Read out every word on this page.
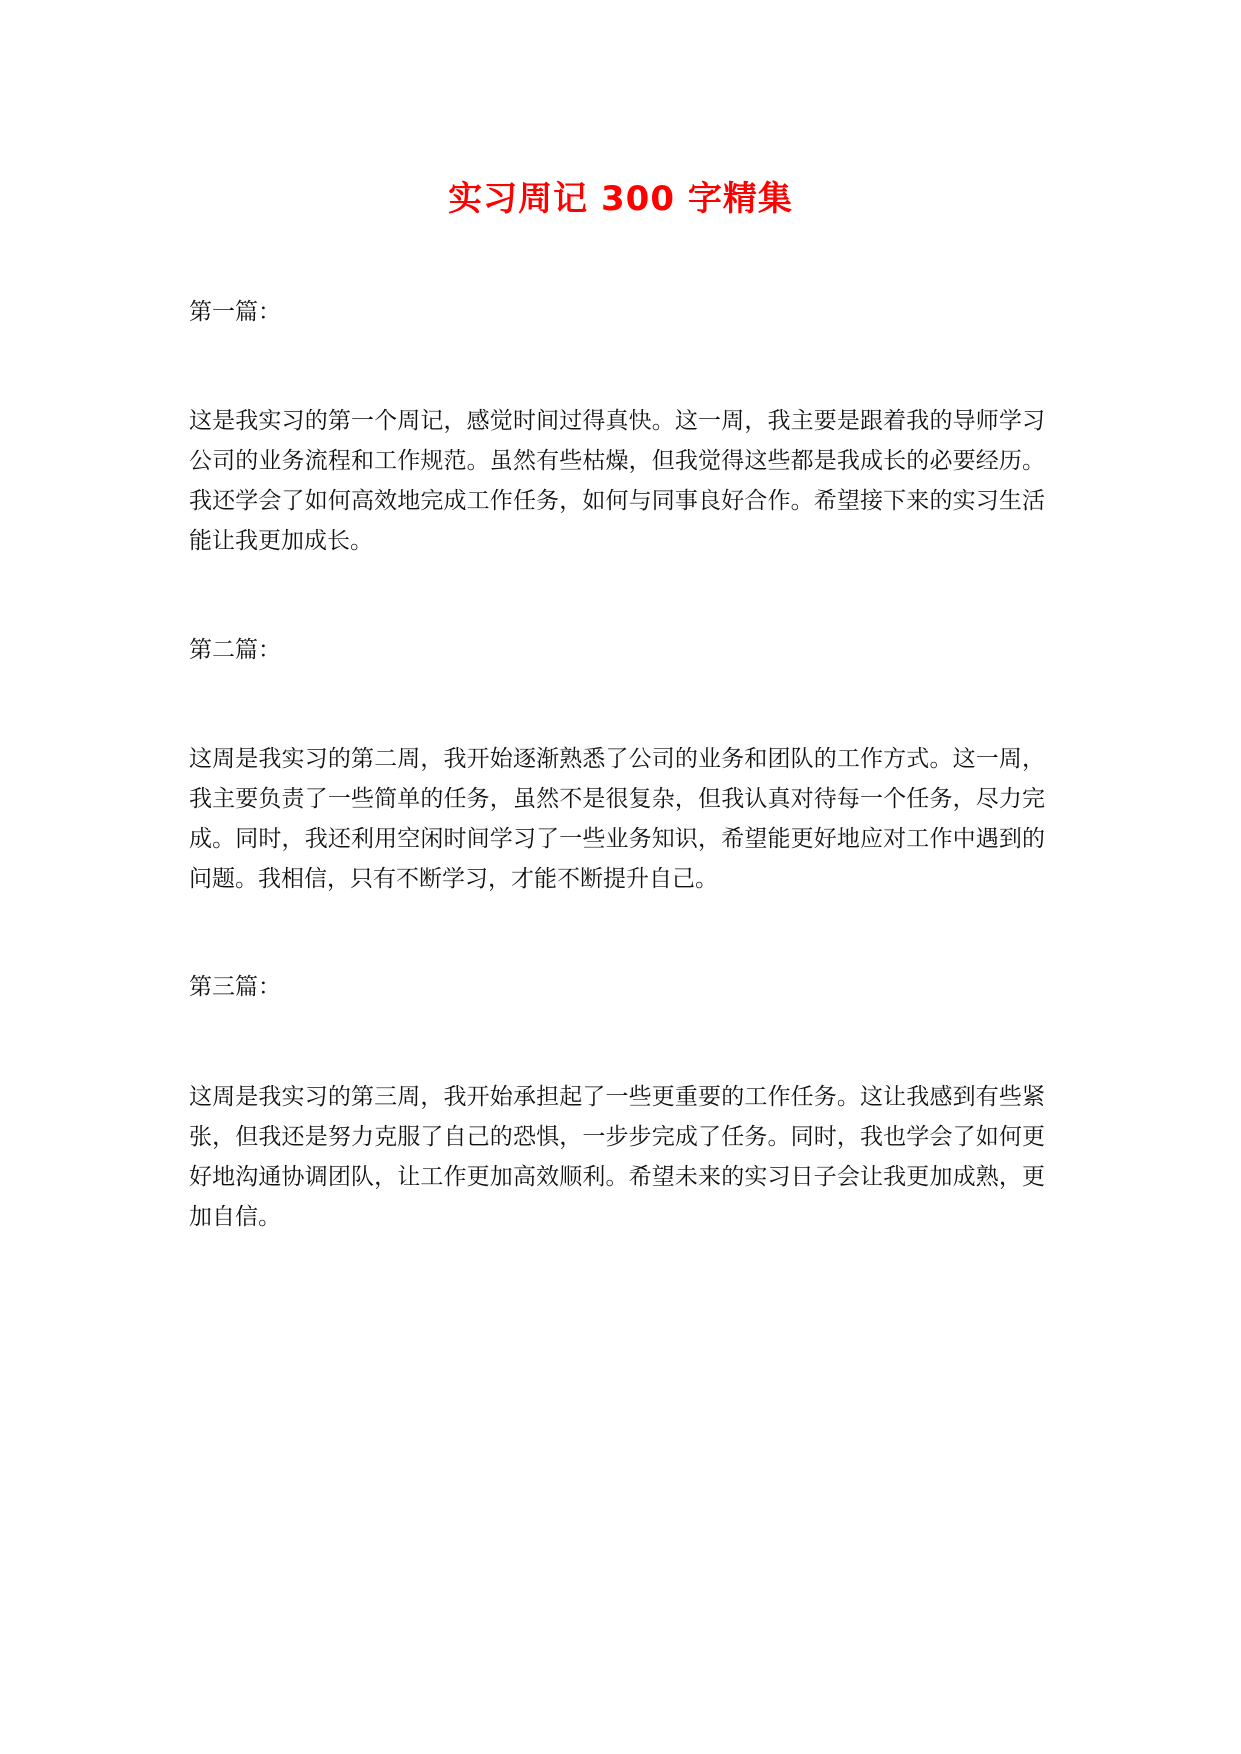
实习周记 300 字精集
第一篇：

这是我实习的第一个周记，感觉时间过得真快。这一周，我主要是跟着我的导师学习公司的业务流程和工作规范。虽然有些枯燥，但我觉得这些都是我成长的必要经历。我还学会了如何高效地完成工作任务，如何与同事良好合作。希望接下来的实习生活能让我更加成长。

第二篇：

这周是我实习的第二周，我开始逐渐熟悉了公司的业务和团队的工作方式。这一周，我主要负责了一些简单的任务，虽然不是很复杂，但我认真对待每一个任务，尽力完成。同时，我还利用空闲时间学习了一些业务知识，希望能更好地应对工作中遇到的问题。我相信，只有不断学习，才能不断提升自己。

第三篇：

这周是我实习的第三周，我开始承担起了一些更重要的工作任务。这让我感到有些紧张，但我还是努力克服了自己的恐惧，一步步完成了任务。同时，我也学会了如何更好地沟通协调团队，让工作更加高效顺利。希望未来的实习日子会让我更加成熟，更加自信。
